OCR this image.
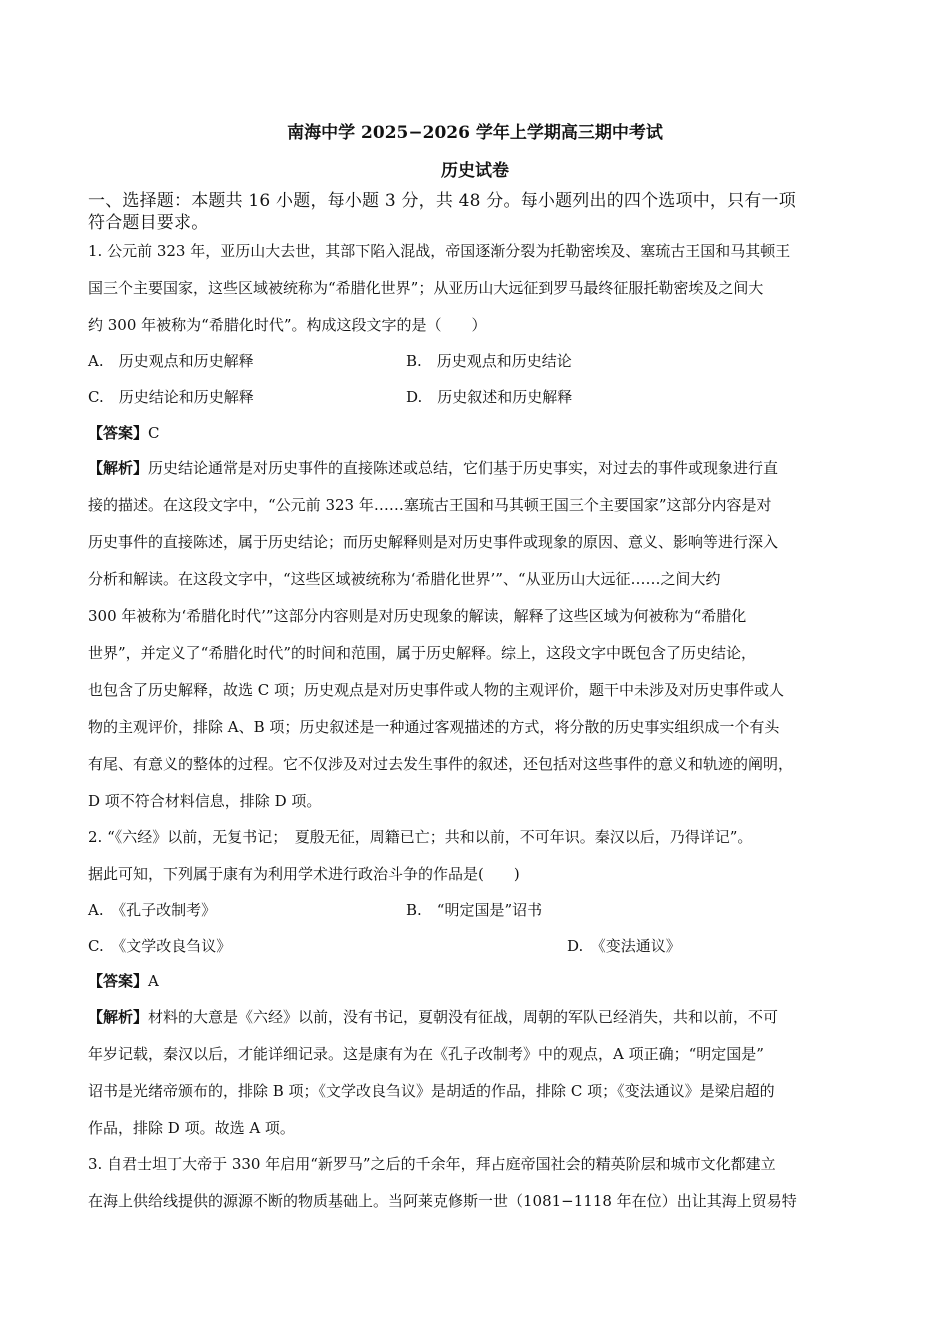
南海中学 2025−2026 学年上学期高三期中考试
历史试卷
一、选择题：本题共 16 小题，每小题 3 分，共 48 分。每小题列出的四个选项中，只有一项
符合题目要求。
1. 公元前 323 年，亚历山大去世，其部下陷入混战，帝国逐渐分裂为托勒密埃及、塞琉古王国和马其顿王
国三个主要国家，这些区域被统称为“希腊化世界”；从亚历山大远征到罗马最终征服托勒密埃及之间大
约 300 年被称为“希腊化时代”。构成这段文字的是（　　）
A.　历史观点和历史解释	B.　历史观点和历史结论
C.　历史结论和历史解释	D.　历史叙述和历史解释
【答案】C
【解析】历史结论通常是对历史事件的直接陈述或总结，它们基于历史事实，对过去的事件或现象进行直
接的描述。在这段文字中，“公元前 323 年……塞琉古王国和马其顿王国三个主要国家”这部分内容是对
历史事件的直接陈述，属于历史结论；而历史解释则是对历史事件或现象的原因、意义、影响等进行深入
分析和解读。在这段文字中，“这些区域被统称为‘希腊化世界’”、“从亚历山大远征……之间大约
300 年被称为‘希腊化时代’”这部分内容则是对历史现象的解读，解释了这些区域为何被称为“希腊化
世界”，并定义了“希腊化时代”的时间和范围，属于历史解释。综上，这段文字中既包含了历史结论，
也包含了历史解释，故选 C 项；历史观点是对历史事件或人物的主观评价，题干中未涉及对历史事件或人
物的主观评价，排除 A、B 项；历史叙述是一种通过客观描述的方式，将分散的历史事实组织成一个有头
有尾、有意义的整体的过程。它不仅涉及对过去发生事件的叙述，还包括对这些事件的意义和轨迹的阐明，
D 项不符合材料信息，排除 D 项。
2. “《六经》以前，无复书记；　夏殷无征，周籍已亡；共和以前，不可年识。秦汉以后，乃得详记”。
据此可知，下列属于康有为利用学术进行政治斗争的作品是(　　)
A.　《孔子改制考》	B.　“明定国是”诏书
C.　《文学改良刍议》	D.　《变法通议》
【答案】A
【解析】材料的大意是《六经》以前，没有书记，夏朝没有征战，周朝的军队已经消失，共和以前，不可
年岁记载，秦汉以后，才能详细记录。这是康有为在《孔子改制考》中的观点，A 项正确；“明定国是”
诏书是光绪帝颁布的，排除 B 项；《文学改良刍议》是胡适的作品，排除 C 项；《变法通议》是梁启超的
作品，排除 D 项。故选 A 项。
3. 自君士坦丁大帝于 330 年启用“新罗马”之后的千余年，拜占庭帝国社会的精英阶层和城市文化都建立
在海上供给线提供的源源不断的物质基础上。当阿莱克修斯一世（1081−1118 年在位）出让其海上贸易特
